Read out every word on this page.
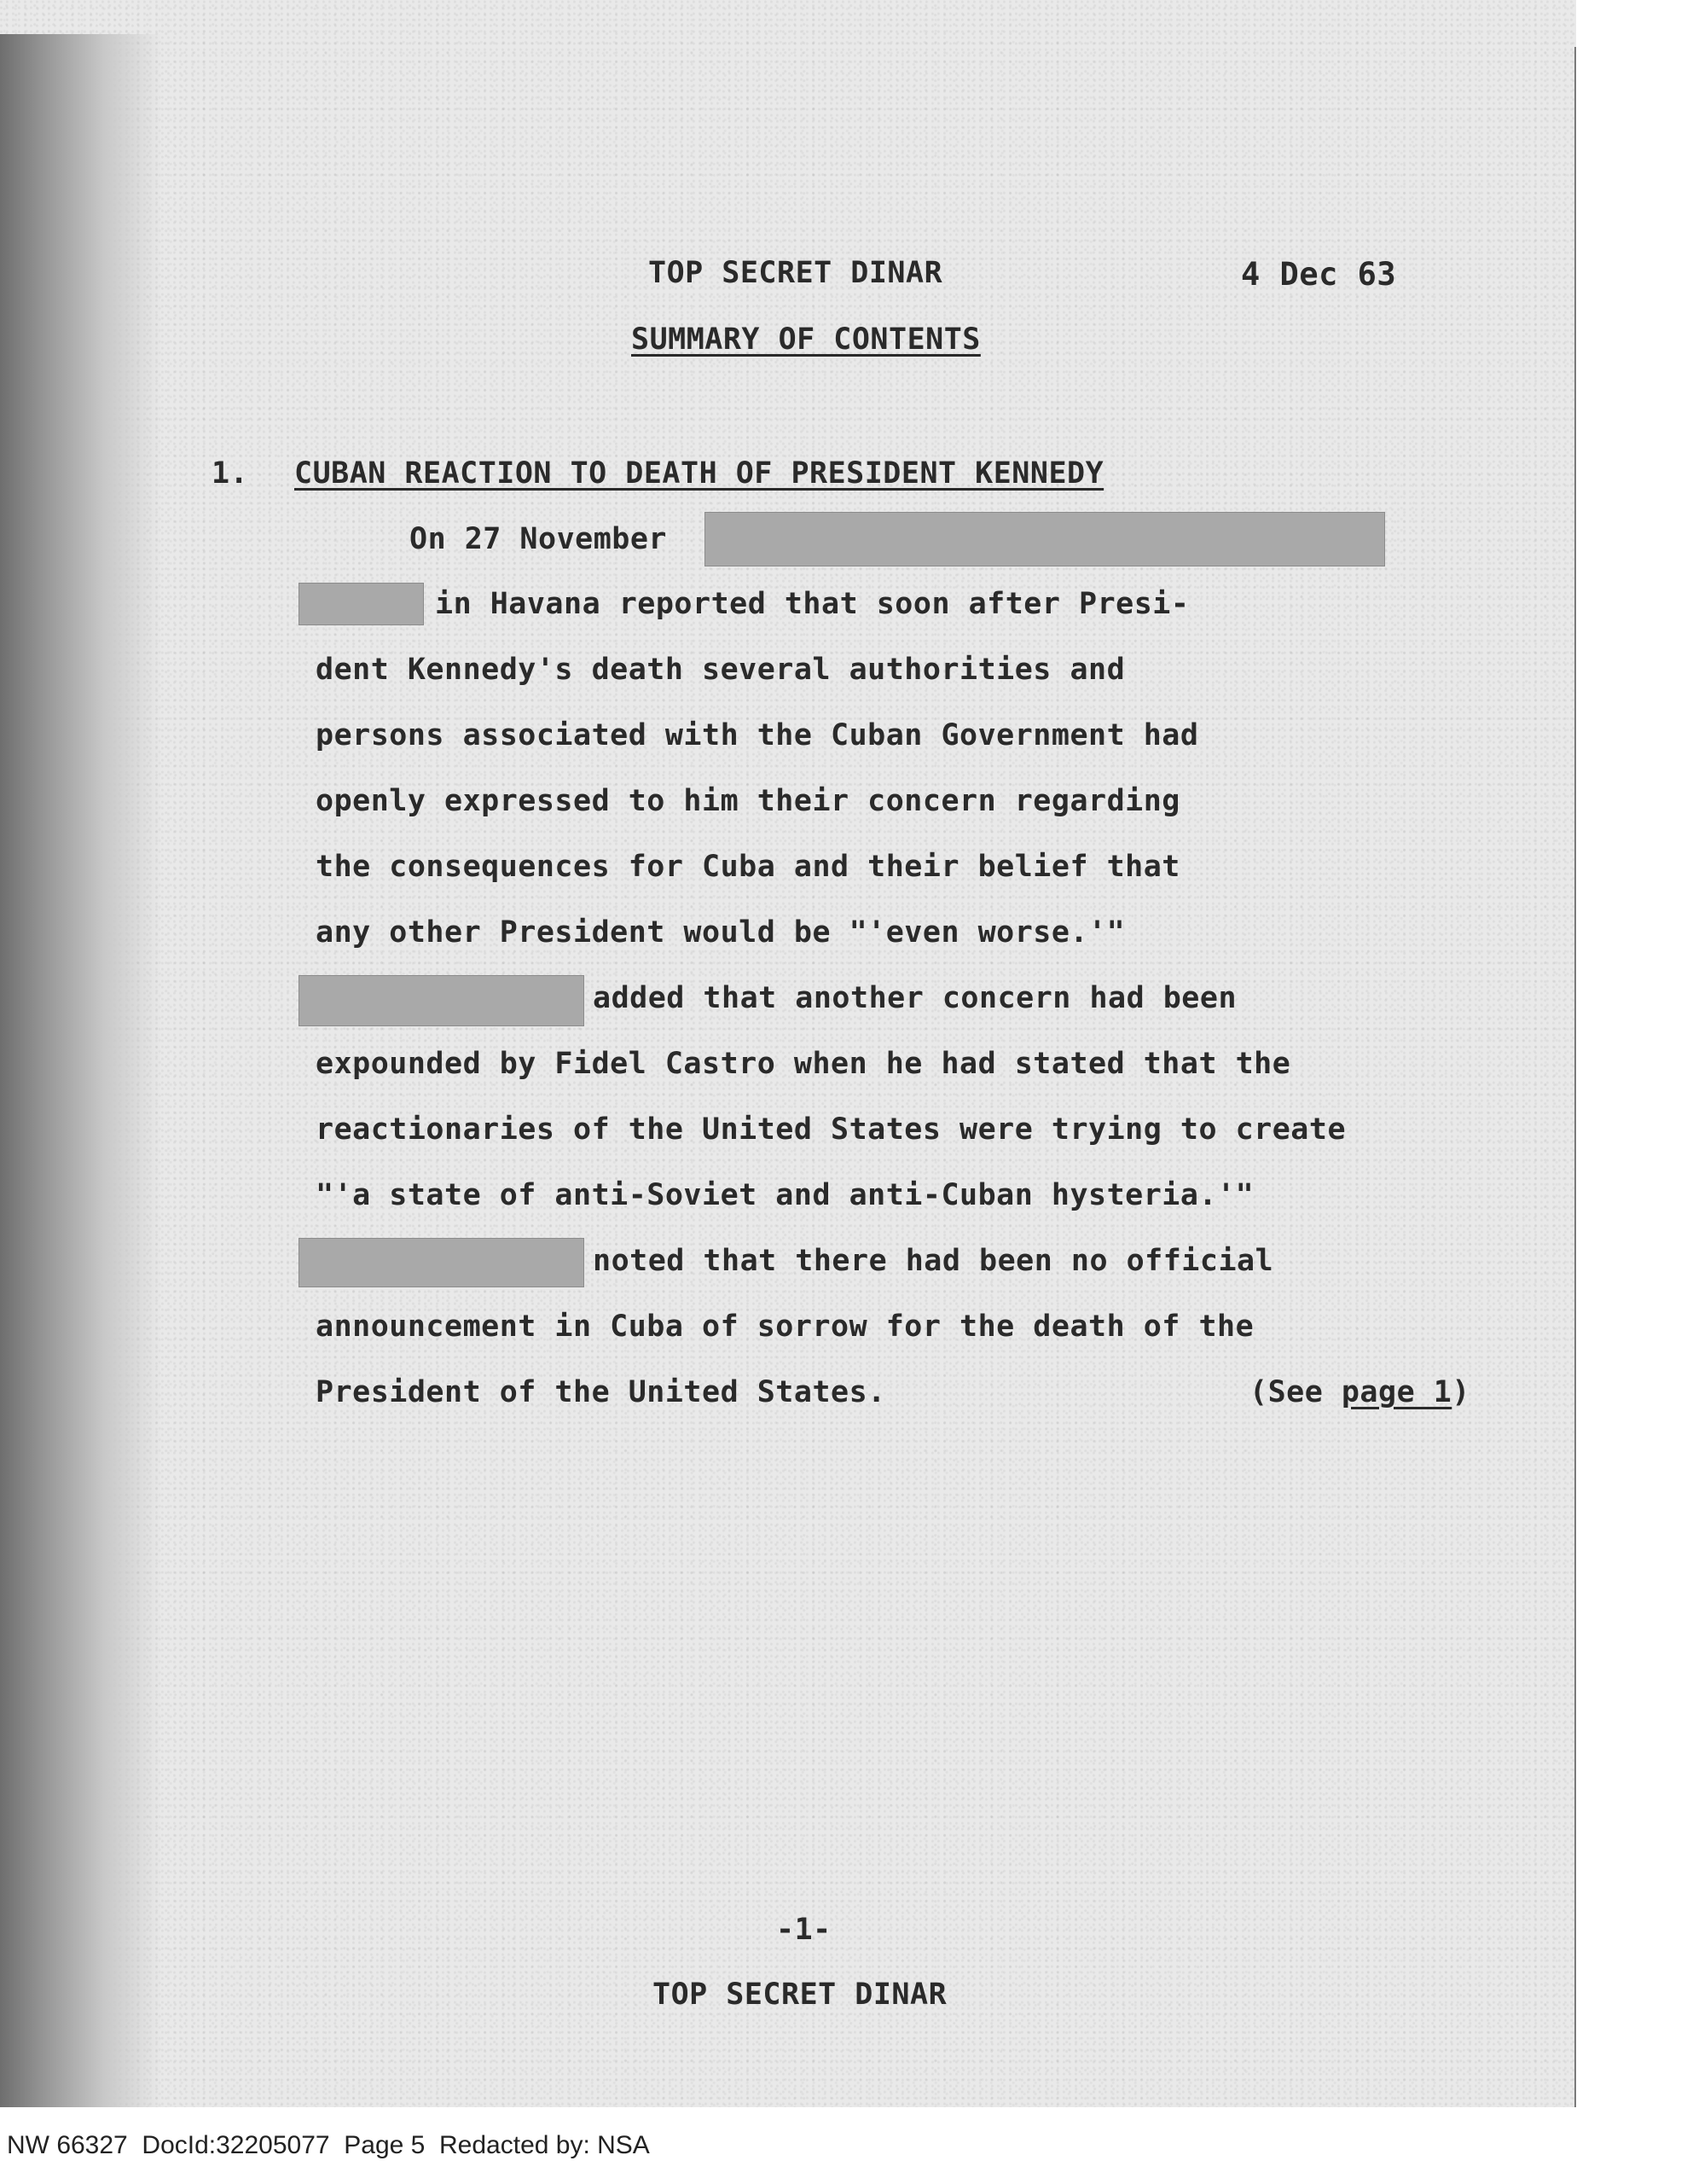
TOP SECRET DINAR	4 Dec 63
SUMMARY OF CONTENTS
1. CUBAN REACTION TO DEATH OF PRESIDENT KENNEDY
On 27 November
in Havana reported that soon after Presi-
dent Kennedy's death several authorities and
persons associated with the Cuban Government had
openly expressed to him their concern regarding
the consequences for Cuba and their belief that
any other President would be "'even worse.'"
added that another concern had been
expounded by Fidel Castro when he had stated that the
reactionaries of the United States were trying to create
"'a state of anti-Soviet and anti-Cuban hysteria.'"
noted that there had been no official
announcement in Cuba of sorrow for the death of the
President of the United States.	(See page 1)
-1-
TOP SECRET DINAR
NW 66327  DocId:32205077  Page 5  Redacted by: NSA
